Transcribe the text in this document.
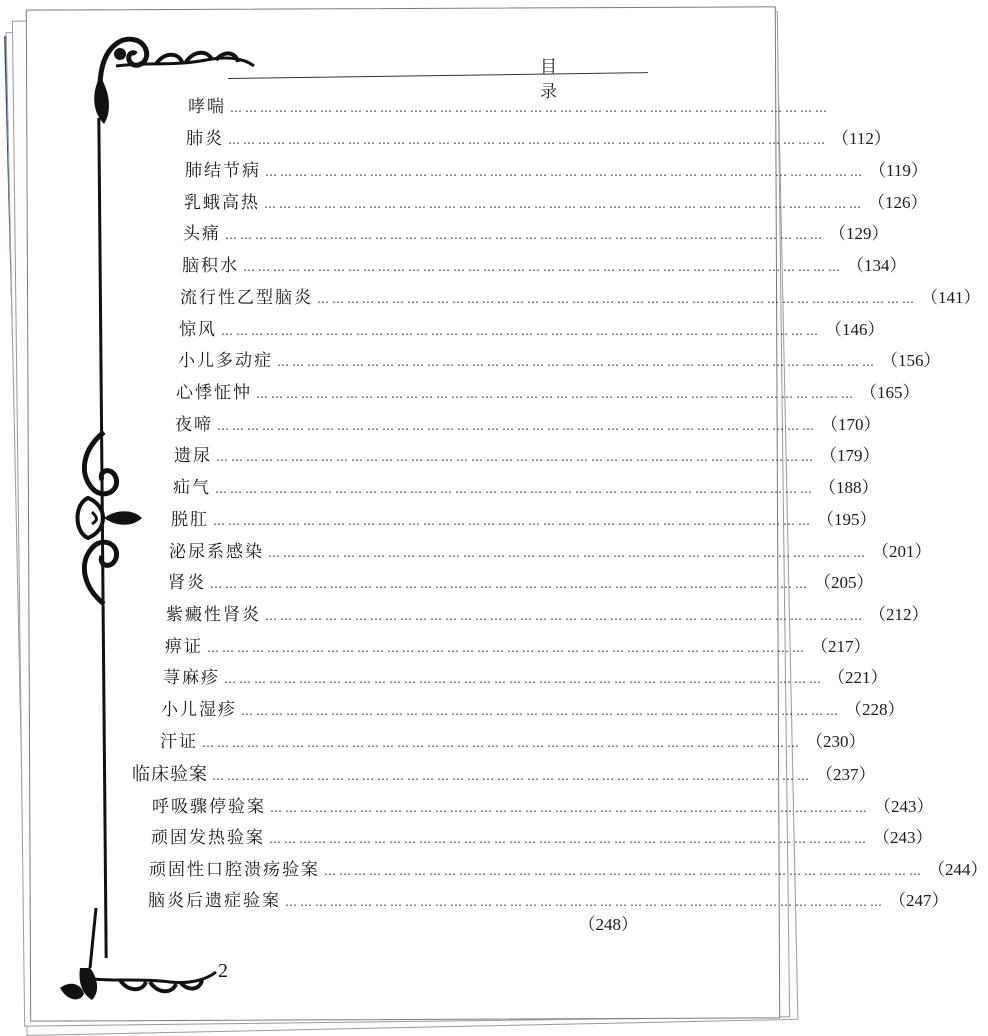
目 录
哮喘 …………………………………………………………………………………………………………
肺炎 ………………………………………………………………………………………………………… （112）
肺结节病 ………………………………………………………………………………………………………… （119）
乳蛾高热 ………………………………………………………………………………………………………… （126）
头痛 ………………………………………………………………………………………………………… （129）
脑积水 ………………………………………………………………………………………………………… （134）
流行性乙型脑炎 ………………………………………………………………………………………………………… （141）
惊风 ………………………………………………………………………………………………………… （146）
小儿多动症 ………………………………………………………………………………………………………… （156）
心悸怔忡 ………………………………………………………………………………………………………… （165）
夜啼 ………………………………………………………………………………………………………… （170）
遗尿 ………………………………………………………………………………………………………… （179）
疝气 ………………………………………………………………………………………………………… （188）
脱肛 ………………………………………………………………………………………………………… （195）
泌尿系感染 ………………………………………………………………………………………………………… （201）
肾炎 ………………………………………………………………………………………………………… （205）
紫癜性肾炎 ………………………………………………………………………………………………………… （212）
痹证 ………………………………………………………………………………………………………… （217）
荨麻疹 ………………………………………………………………………………………………………… （221）
小儿湿疹 ………………………………………………………………………………………………………… （228）
汗证 ………………………………………………………………………………………………………… （230）
临床验案 ………………………………………………………………………………………………………… （237）
呼吸骤停验案 ………………………………………………………………………………………………………… （243）
顽固发热验案 ………………………………………………………………………………………………………… （243）
顽固性口腔溃疡验案 ………………………………………………………………………………………………………… （244）
脑炎后遗症验案 ………………………………………………………………………………………………………… （247）
（248）
2
